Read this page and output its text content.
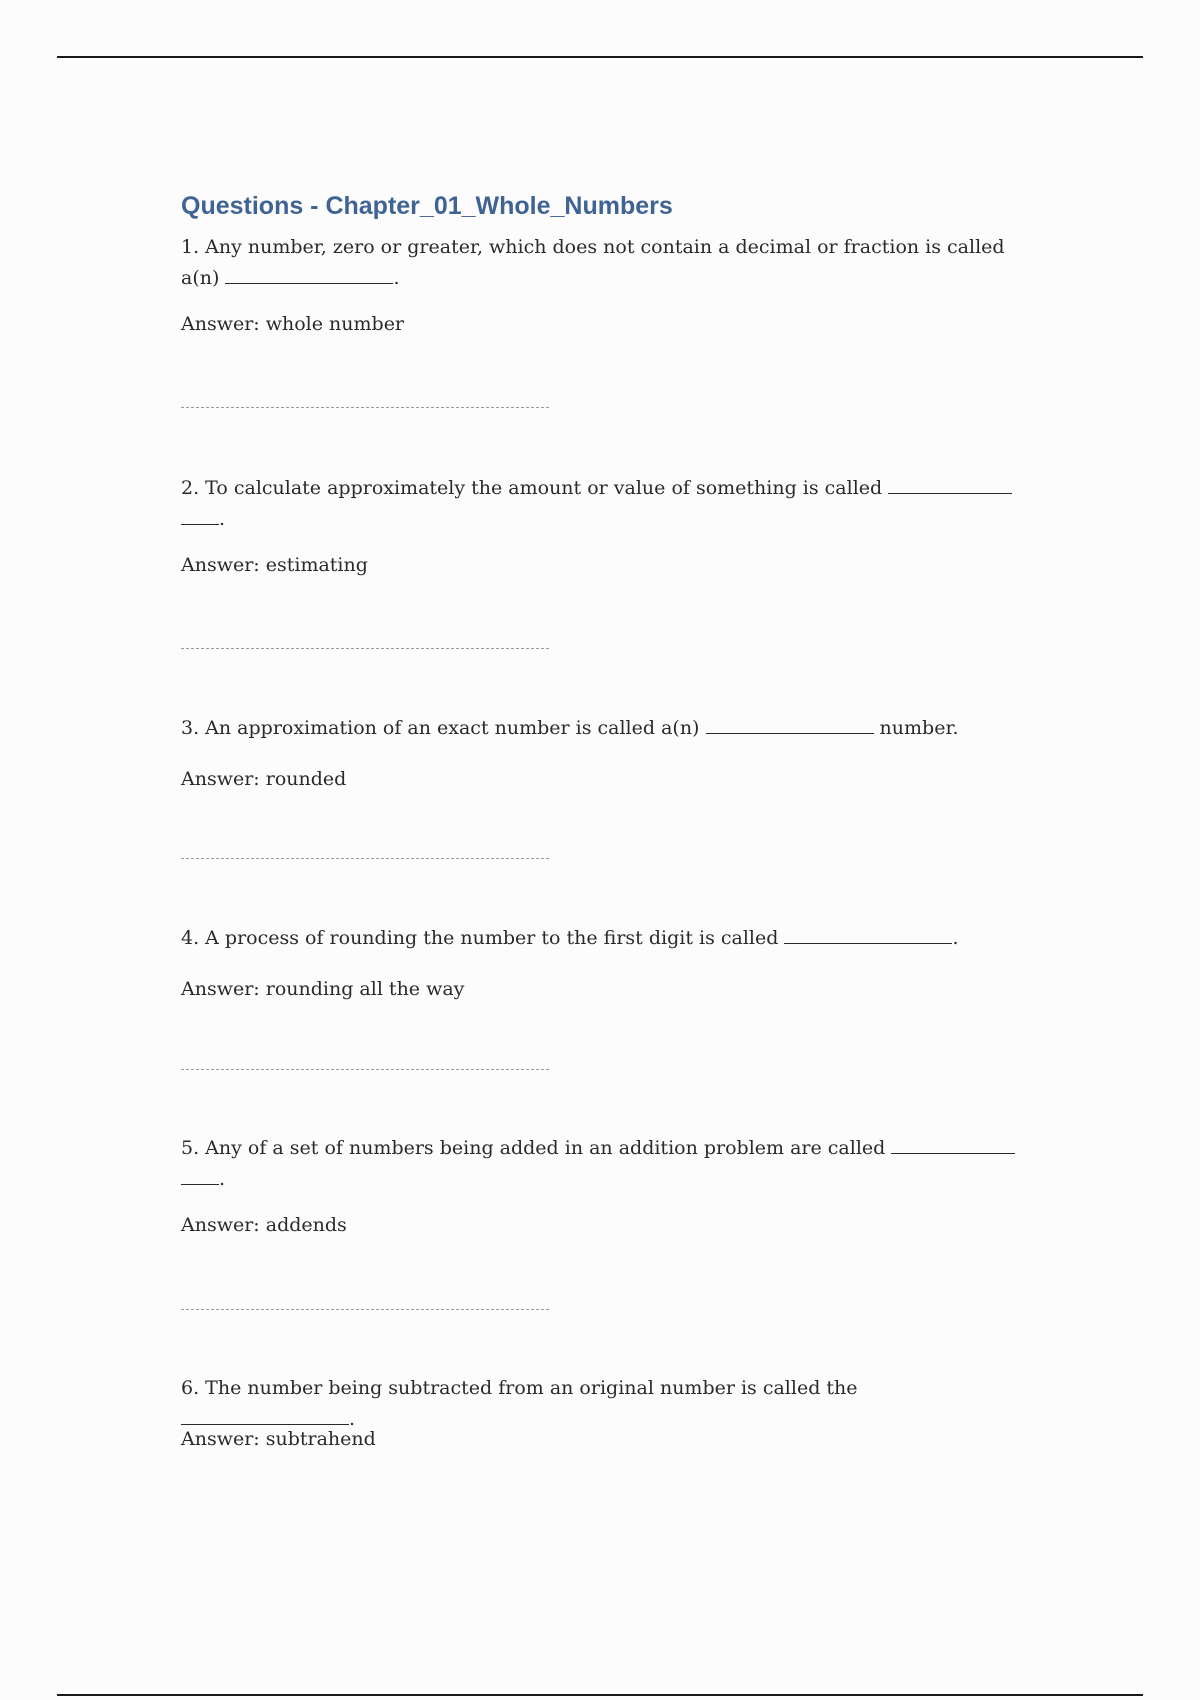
Questions - Chapter_01_Whole_Numbers

1. Any number, zero or greater, which does not contain a decimal or fraction is called a(n)	.

Answer: whole number

2. To calculate approximately the amount or value of something is called
.

Answer: estimating

3. An approximation of an exact number is called a(n)	number.

Answer: rounded

4. A process of rounding the number to the first digit is called	.

Answer: rounding all the way

5. Any of a set of numbers being added in an addition problem are called
.

Answer: addends

6. The number being subtracted from an original number is called the .

Answer: subtrahend
